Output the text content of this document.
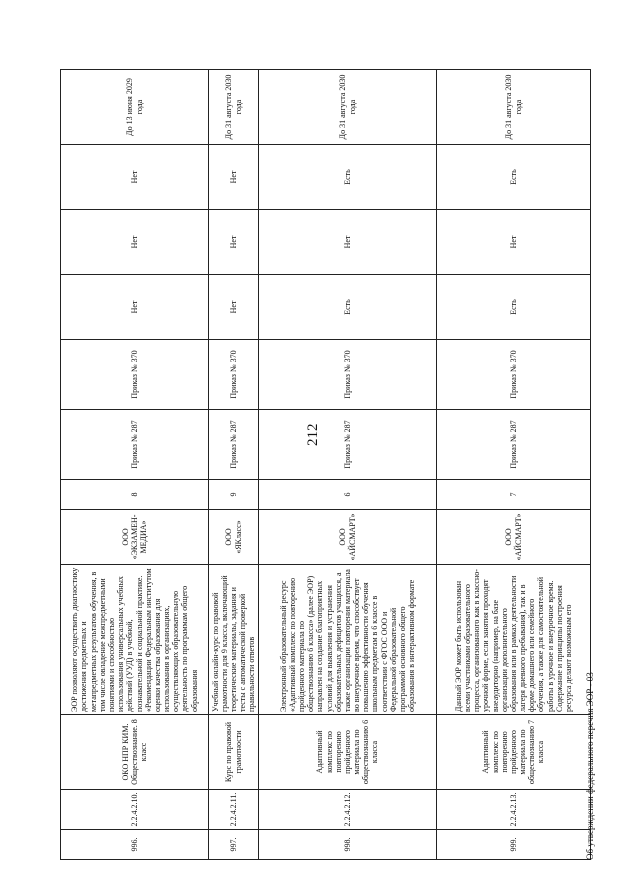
212
996.	2.2.4.2.10.	ОКО НПР КИМ. Обществознание. 8 класс	ЭОР позволяют осуществить диагностику достижения предметных и метапредметных результатов обучения, в том числе овладение межпредметными понятиями и способностью использования универсальных учебных действий (УУД) в учебной, познавательной и социальной практике. «Рекомендации Федеральным институтом оценки качества образования для использования в организациях, осуществляющих образовательную деятельность по программам общего образования	ООО «ЭКЗАМЕН-МЕДИА»	8	Приказ № 287	Приказ № 370	Нет	Нет	Нет	До 13 июня 2029 года
997.	2.2.4.2.11.	Курс по правовой грамотности	Учебный онлайн-курс по правовой грамотности для 9 класса, включающий теоретические материалы, задания и тесты с автоматической проверкой правильности ответов	ООО «ЯКласс»	9	Приказ № 287	Приказ № 370	Нет	Нет	Нет	До 31 августа 2030 года
998.	2.2.4.2.12.	Адаптивный комплекс по повторению пройденного материала по обществознанию 6 класса	Электронный образовательный ресурс «Адаптивный комплекс по повторению пройденного материала по обществознанию 6 класса» (далее ЭОР) направлен на создание благоприятных условий для выявления и устранения образовательных дефицитов учащихся, а также организации повторения материала во внеурочное время, что способствует повышению эффективности обучения школьным предметам в 6 классе в соответствии с ФГОС ООО и Федеральной образовательной программой основного общего образования в интерактивном формате	ООО «АЙСМАРТ»	6	Приказ № 287	Приказ № 370	Есть	Нет	Есть	До 31 августа 2030 года
999.	2.2.4.2.13.	Адаптивный комплекс по повторению пройденного материала по обществознанию 7 класса	Данный ЭОР может быть использован всеми участниками образовательного процесса, организованного как в классно-урочной форме, если занятия проходят внеаудиторно (например, на базе организации дополнительного образования или в рамках деятельности лагеря дневного пребывания), так и в форме домашнего или семейного обучения, а также для самостоятельной работы в урочное и внеурочное время. Содержание и принципы построения ресурса делают возможным его	ООО «АЙСМАРТ»	7	Приказ № 287	Приказ № 370	Есть	Нет	Есть	До 31 августа 2030 года
Об утверждении федерального перечня ЭОР - 03
